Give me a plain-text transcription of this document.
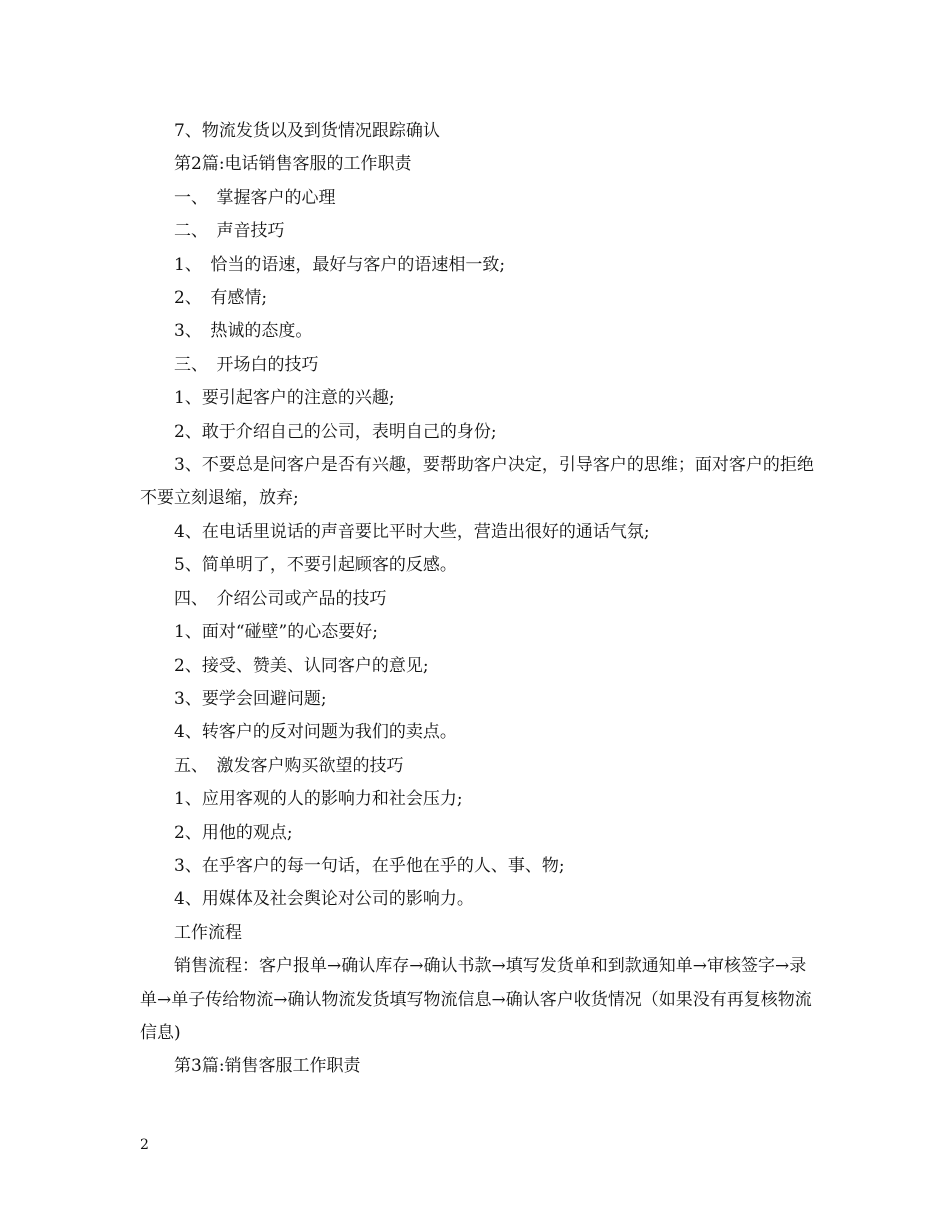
7、物流发货以及到货情况跟踪确认

第2篇:电话销售客服的工作职责

一、　掌握客户的心理

二、　声音技巧

1、　恰当的语速，最好与客户的语速相一致;

2、　有感情;

3、　热诚的态度。

三、　开场白的技巧

1、要引起客户的注意的兴趣;

2、敢于介绍自己的公司，表明自己的身份;

3、不要总是问客户是否有兴趣，要帮助客户决定，引导客户的思维；面对客户的拒绝不要立刻退缩，放弃;

4、在电话里说话的声音要比平时大些，营造出很好的通话气氛;

5、简单明了，不要引起顾客的反感。

四、　介绍公司或产品的技巧

1、面对“碰壁”的心态要好;

2、接受、赞美、认同客户的意见;

3、要学会回避问题;

4、转客户的反对问题为我们的卖点。

五、　激发客户购买欲望的技巧

1、应用客观的人的影响力和社会压力;

2、用他的观点;

3、在乎客户的每一句话，在乎他在乎的人、事、物;

4、用媒体及社会舆论对公司的影响力。

工作流程

销售流程：客户报单→确认库存→确认书款→填写发货单和到款通知单→审核签字→录单→单子传给物流→确认物流发货填写物流信息→确认客户收货情况（如果没有再复核物流信息)

第3篇:销售客服工作职责

2
